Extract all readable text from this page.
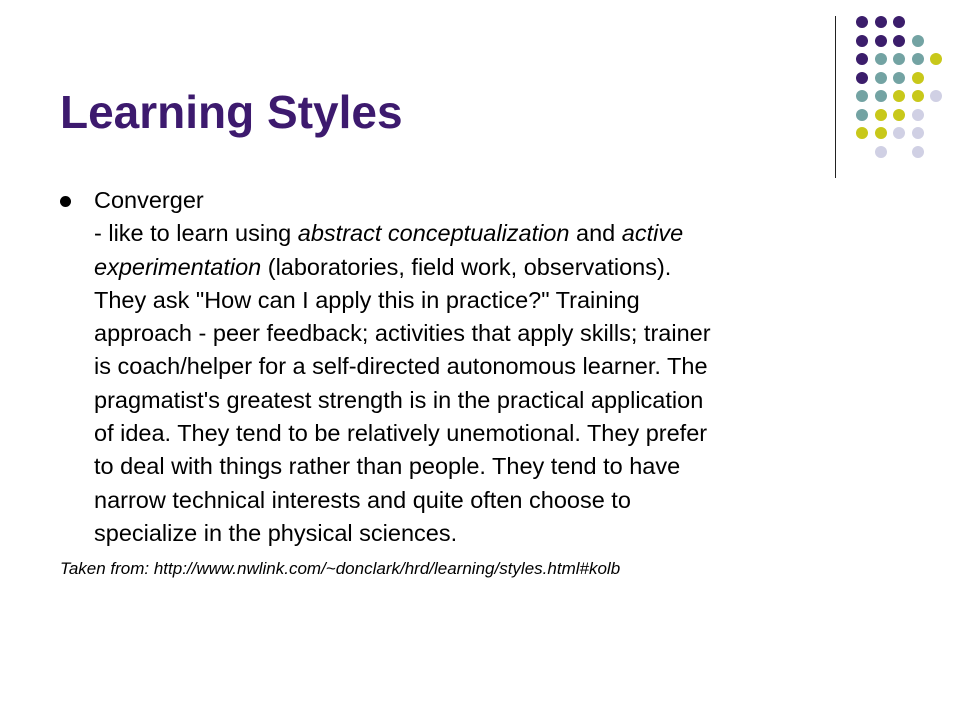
Learning Styles
Converger
- like to learn using abstract conceptualization and active
experimentation (laboratories, field work, observations).
They ask "How can I apply this in practice?" Training
approach - peer feedback; activities that apply skills; trainer
is coach/helper for a self-directed autonomous learner. The
pragmatist's greatest strength is in the practical application
of idea. They tend to be relatively unemotional. They prefer
to deal with things rather than people. They tend to have
narrow technical interests and quite often choose to
specialize in the physical sciences.
Taken from: http://www.nwlink.com/~donclark/hrd/learning/styles.html#kolb
